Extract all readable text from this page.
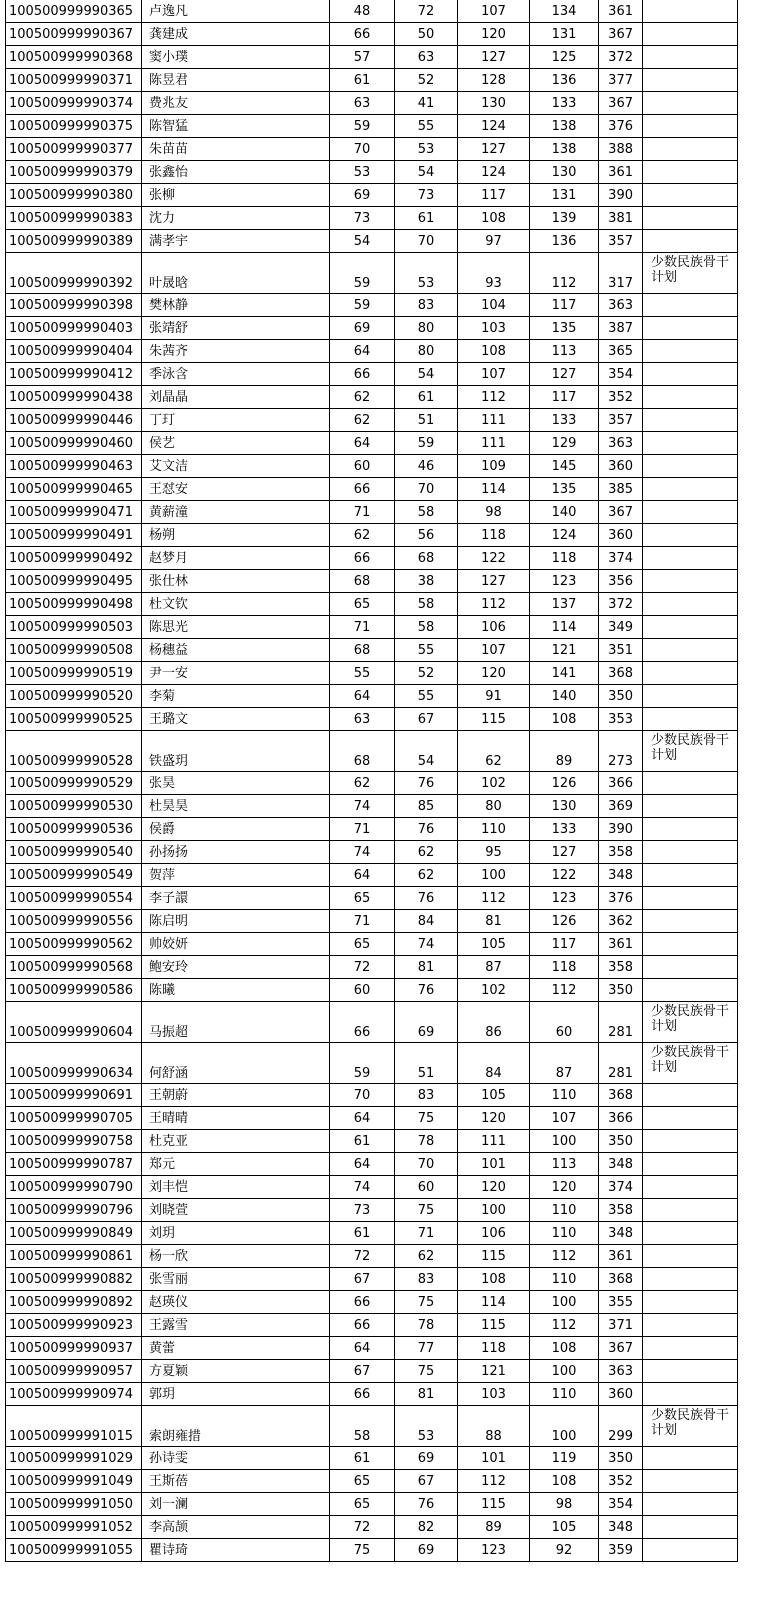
100500999990365	卢逸凡	48	72	107	134	361	
100500999990367	龚建成	66	50	120	131	367	
100500999990368	窦小璞	57	63	127	125	372	
100500999990371	陈昱君	61	52	128	136	377	
100500999990374	费兆友	63	41	130	133	367	
100500999990375	陈智猛	59	55	124	138	376	
100500999990377	朱苗苗	70	53	127	138	388	
100500999990379	张鑫怡	53	54	124	130	361	
100500999990380	张柳	69	73	117	131	390	
100500999990383	沈力	73	61	108	139	381	
100500999990389	满孝宇	54	70	97	136	357	
100500999990392	叶晟晗	59	53	93	112	317	少数民族骨干计划
100500999990398	樊林静	59	83	104	117	363	
100500999990403	张靖舒	69	80	103	135	387	
100500999990404	朱茜齐	64	80	108	113	365	
100500999990412	季泳含	66	54	107	127	354	
100500999990438	刘晶晶	62	61	112	117	352	
100500999990446	丁玎	62	51	111	133	357	
100500999990460	侯艺	64	59	111	129	363	
100500999990463	艾文洁	60	46	109	145	360	
100500999990465	王怼安	66	70	114	135	385	
100500999990471	黄薪潼	71	58	98	140	367	
100500999990491	杨朔	62	56	118	124	360	
100500999990492	赵梦月	66	68	122	118	374	
100500999990495	张仕林	68	38	127	123	356	
100500999990498	杜文钦	65	58	112	137	372	
100500999990503	陈思光	71	58	106	114	349	
100500999990508	杨穗益	68	55	107	121	351	
100500999990519	尹一安	55	52	120	141	368	
100500999990520	李菊	64	55	91	140	350	
100500999990525	王璐文	63	67	115	108	353	
100500999990528	铁盛玥	68	54	62	89	273	少数民族骨干计划
100500999990529	张昊	62	76	102	126	366	
100500999990530	杜昊昊	74	85	80	130	369	
100500999990536	侯爵	71	76	110	133	390	
100500999990540	孙扬扬	74	62	95	127	358	
100500999990549	贺萍	64	62	100	122	348	
100500999990554	李子譞	65	76	112	123	376	
100500999990556	陈启明	71	84	81	126	362	
100500999990562	帅姣妍	65	74	105	117	361	
100500999990568	鲍安玲	72	81	87	118	358	
100500999990586	陈曦	60	76	102	112	350	
100500999990604	马振超	66	69	86	60	281	少数民族骨干计划
100500999990634	何舒涵	59	51	84	87	281	少数民族骨干计划
100500999990691	王朝蔚	70	83	105	110	368	
100500999990705	王晴晴	64	75	120	107	366	
100500999990758	杜克亚	61	78	111	100	350	
100500999990787	郑元	64	70	101	113	348	
100500999990790	刘丰恺	74	60	120	120	374	
100500999990796	刘晓萱	73	75	100	110	358	
100500999990849	刘玥	61	71	106	110	348	
100500999990861	杨一欣	72	62	115	112	361	
100500999990882	张雪丽	67	83	108	110	368	
100500999990892	赵瑛仪	66	75	114	100	355	
100500999990923	王露雪	66	78	115	112	371	
100500999990937	黄蕾	64	77	118	108	367	
100500999990957	方夏颖	67	75	121	100	363	
100500999990974	郭玥	66	81	103	110	360	
100500999991015	索朗雍措	58	53	88	100	299	少数民族骨干计划
100500999991029	孙诗雯	61	69	101	119	350	
100500999991049	王斯蓓	65	67	112	108	352	
100500999991050	刘一澜	65	76	115	98	354	
100500999991052	李高颉	72	82	89	105	348	
100500999991055	瞿诗琦	75	69	123	92	359	
